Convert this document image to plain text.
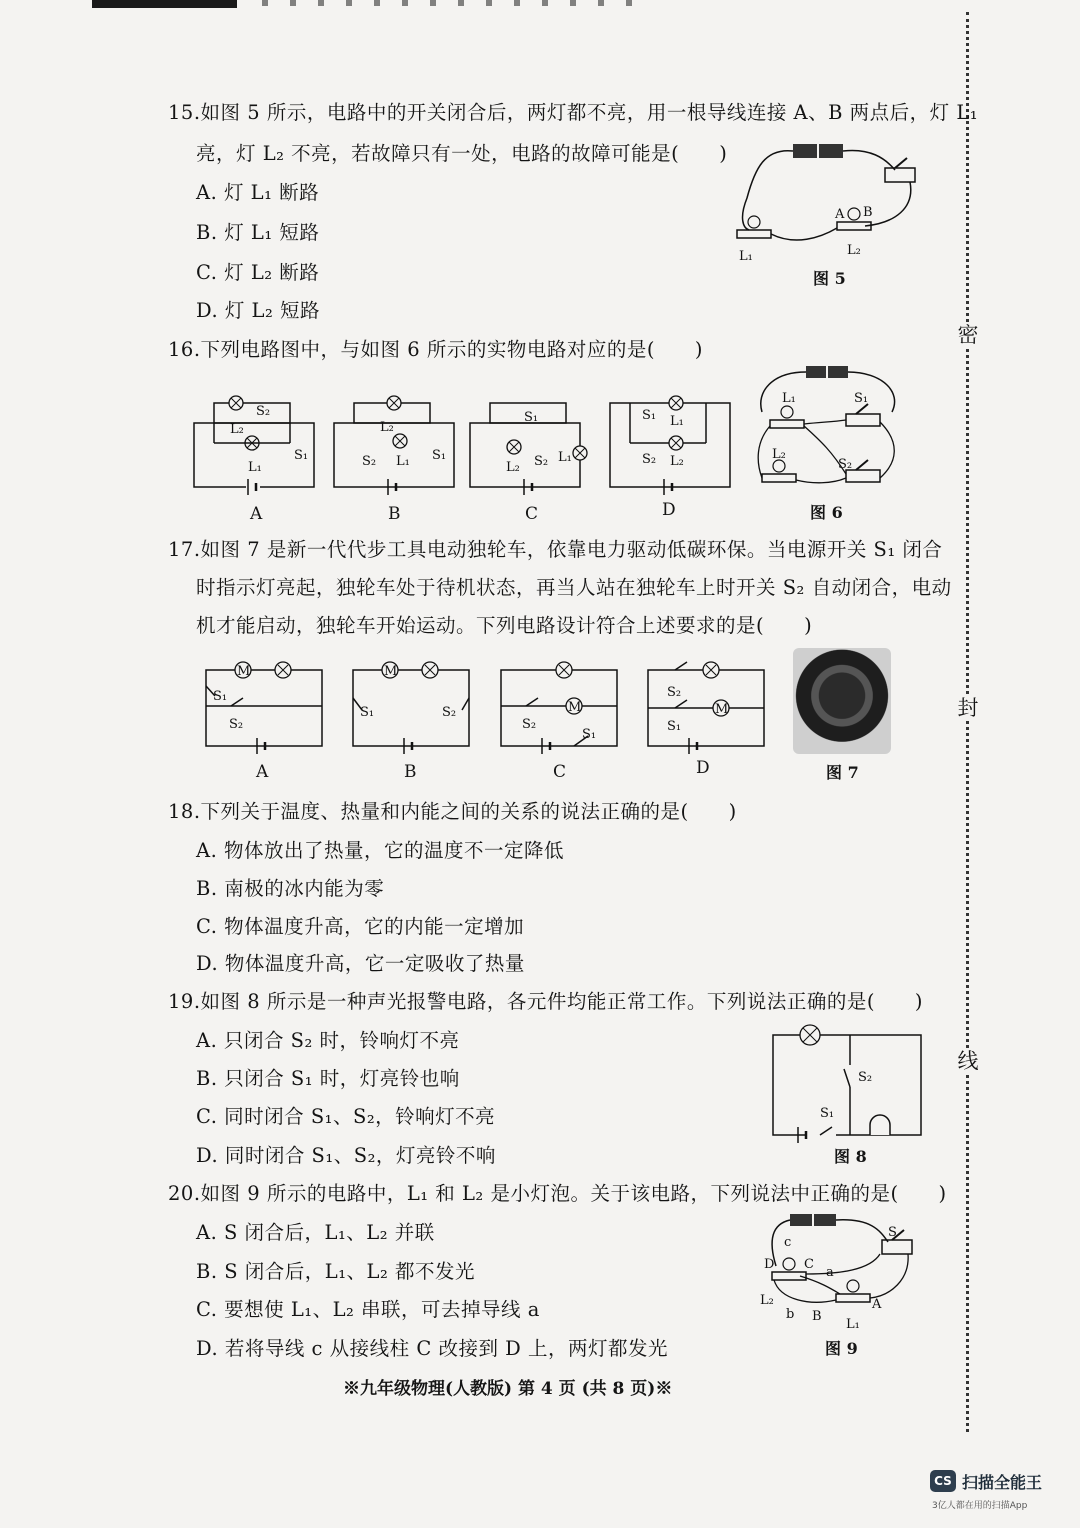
密
封
线
15.如图 5 所示，电路中的开关闭合后，两灯都不亮，用一根导线连接 A、B 两点后，灯 L₁
亮，灯 L₂ 不亮，若故障只有一处，电路的故障可能是(　　)
A. 灯 L₁ 断路
B. 灯 L₁ 短路
C. 灯 L₂ 断路
D. 灯 L₂ 短路
A B
L₁	L₂
图 5
16.下列电路图中，与如图 6 所示的实物电路对应的是(　　)
L₂
S₂
L₁
S₁
A
L₂
S₂ L₁ S₁
B
S₁
L₂ S₂ L₁
C
S₁ L₁
S₂ L₂
D
L₁	S₁
L₂
S₂
图 6
17.如图 7 是新一代代步工具电动独轮车，依靠电力驱动低碳环保。当电源开关 S₁ 闭合
时指示灯亮起，独轮车处于待机状态，再当人站在独轮车上时开关 S₂ 自动闭合，电动
机才能启动，独轮车开始运动。下列电路设计符合上述要求的是(　　)
M
S₁
S₂
A
M
S₁	S₂
B
M
S₂
S₁
C
M
S₂
S₁
D	图 7
18.下列关于温度、热量和内能之间的关系的说法正确的是(　　)
A. 物体放出了热量，它的温度不一定降低
B. 南极的冰内能为零
C. 物体温度升高，它的内能一定增加
D. 物体温度升高，它一定吸收了热量
19.如图 8 所示是一种声光报警电路，各元件均能正常工作。下列说法正确的是(　　)
A. 只闭合 S₂ 时，铃响灯不亮
B. 只闭合 S₁ 时，灯亮铃也响
C. 同时闭合 S₁、S₂，铃响灯不亮
D. 同时闭合 S₁、S₂，灯亮铃不响
S₂
S₁
图 8
20.如图 9 所示的电路中，L₁ 和 L₂ 是小灯泡。关于该电路，下列说法中正确的是(　　)
A. S 闭合后，L₁、L₂ 并联
B. S 闭合后，L₁、L₂ 都不发光
C. 要想使 L₁、L₂ 串联，可去掉导线 a
D. 若将导线 c 从接线柱 C 改接到 D 上，两灯都发光
D C
a
c
S
L₂
b B
A
L₁
图 9
※九年级物理(人教版) 第 4 页 (共 8 页)※
CS 扫描全能王
3亿人都在用的扫描App
